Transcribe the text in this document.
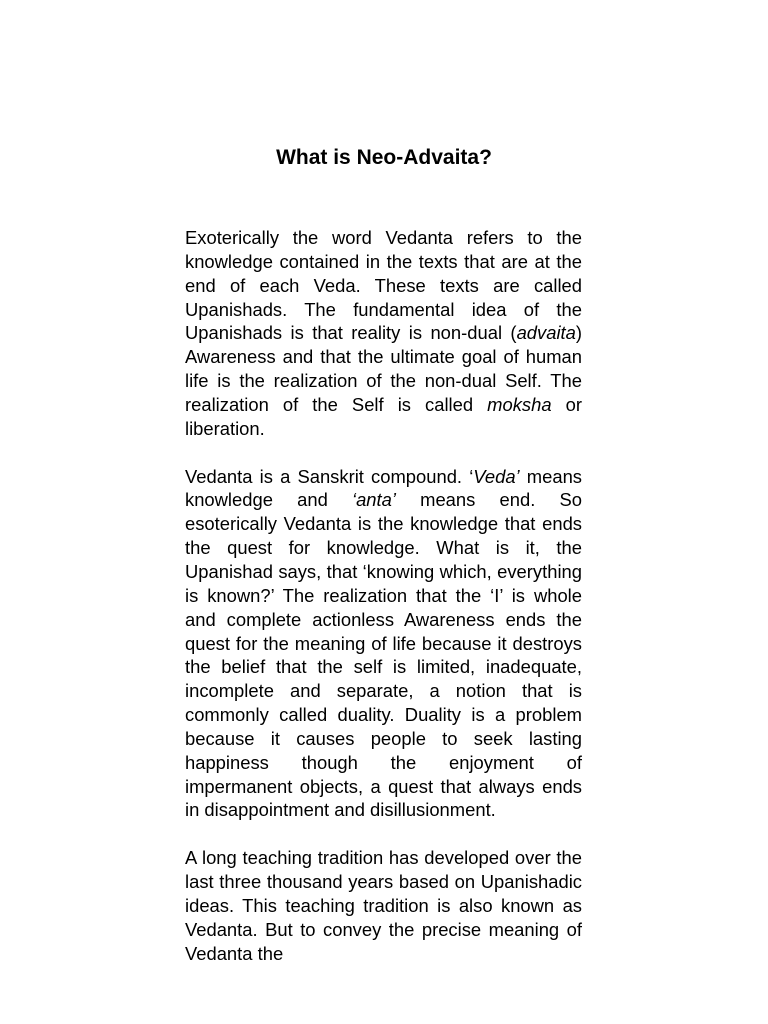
What is Neo-Advaita?

Exoterically the word Vedanta refers to the knowledge contained in the texts that are at the end of each Veda. These texts are called Upanishads. The fundamental idea of the Upanishads is that reality is non-dual (advaita) Awareness and that the ultimate goal of human life is the realization of the non-dual Self. The realization of the Self is called moksha or liberation.

Vedanta is a Sanskrit compound. ‘Veda’ means knowledge and ‘anta’ means end. So esoterically Vedanta is the knowledge that ends the quest for knowledge. What is it, the Upanishad says, that ‘knowing which, everything is known?’ The realization that the ‘I’ is whole and complete actionless Awareness ends the quest for the meaning of life because it destroys the belief that the self is limited, inadequate, incomplete and separate, a notion that is commonly called duality. Duality is a problem because it causes people to seek lasting happiness though the enjoyment of impermanent objects, a quest that always ends in disappointment and disillusionment.

A long teaching tradition has developed over the last three thousand years based on Upanishadic ideas. This teaching tradition is also known as Vedanta. But to convey the precise meaning of Vedanta the
